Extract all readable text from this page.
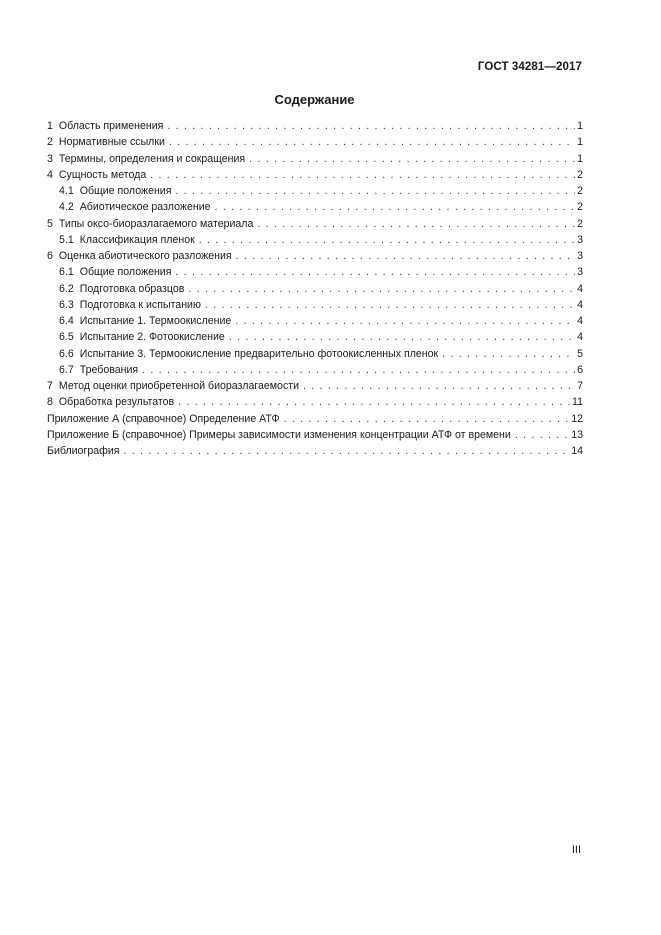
ГОСТ 34281—2017
Содержание
1 Область применения . . .	1
2 Нормативные ссылки . . .	1
3 Термины, определения и сокращения . . .	1
4 Сущность метода . . .	2
4.1 Общие положения . . .	2
4.2 Абиотическое разложение . . .	2
5 Типы оксо-биоразлагаемого материала . . .	2
5.1 Классификация пленок . . .	3
6 Оценка абиотического разложения . . .	3
6.1 Общие положения . . .	3
6.2 Подготовка образцов . . .	4
6.3 Подготовка к испытанию . . .	4
6.4 Испытание 1. Термоокисление . . .	4
6.5 Испытание 2. Фотоокисление . . .	4
6.6 Испытание 3. Термоокисление предварительно фотоокисленных пленок . . .	5
6.7 Требования . . .	6
7 Метод оценки приобретенной биоразлагаемости . . .	7
8 Обработка результатов . . .	11
Приложение А (справочное) Определение АТФ . . .	12
Приложение Б (справочное) Примеры зависимости изменения концентрации АТФ от времени . . .	13
Библиография . . .	14
III
